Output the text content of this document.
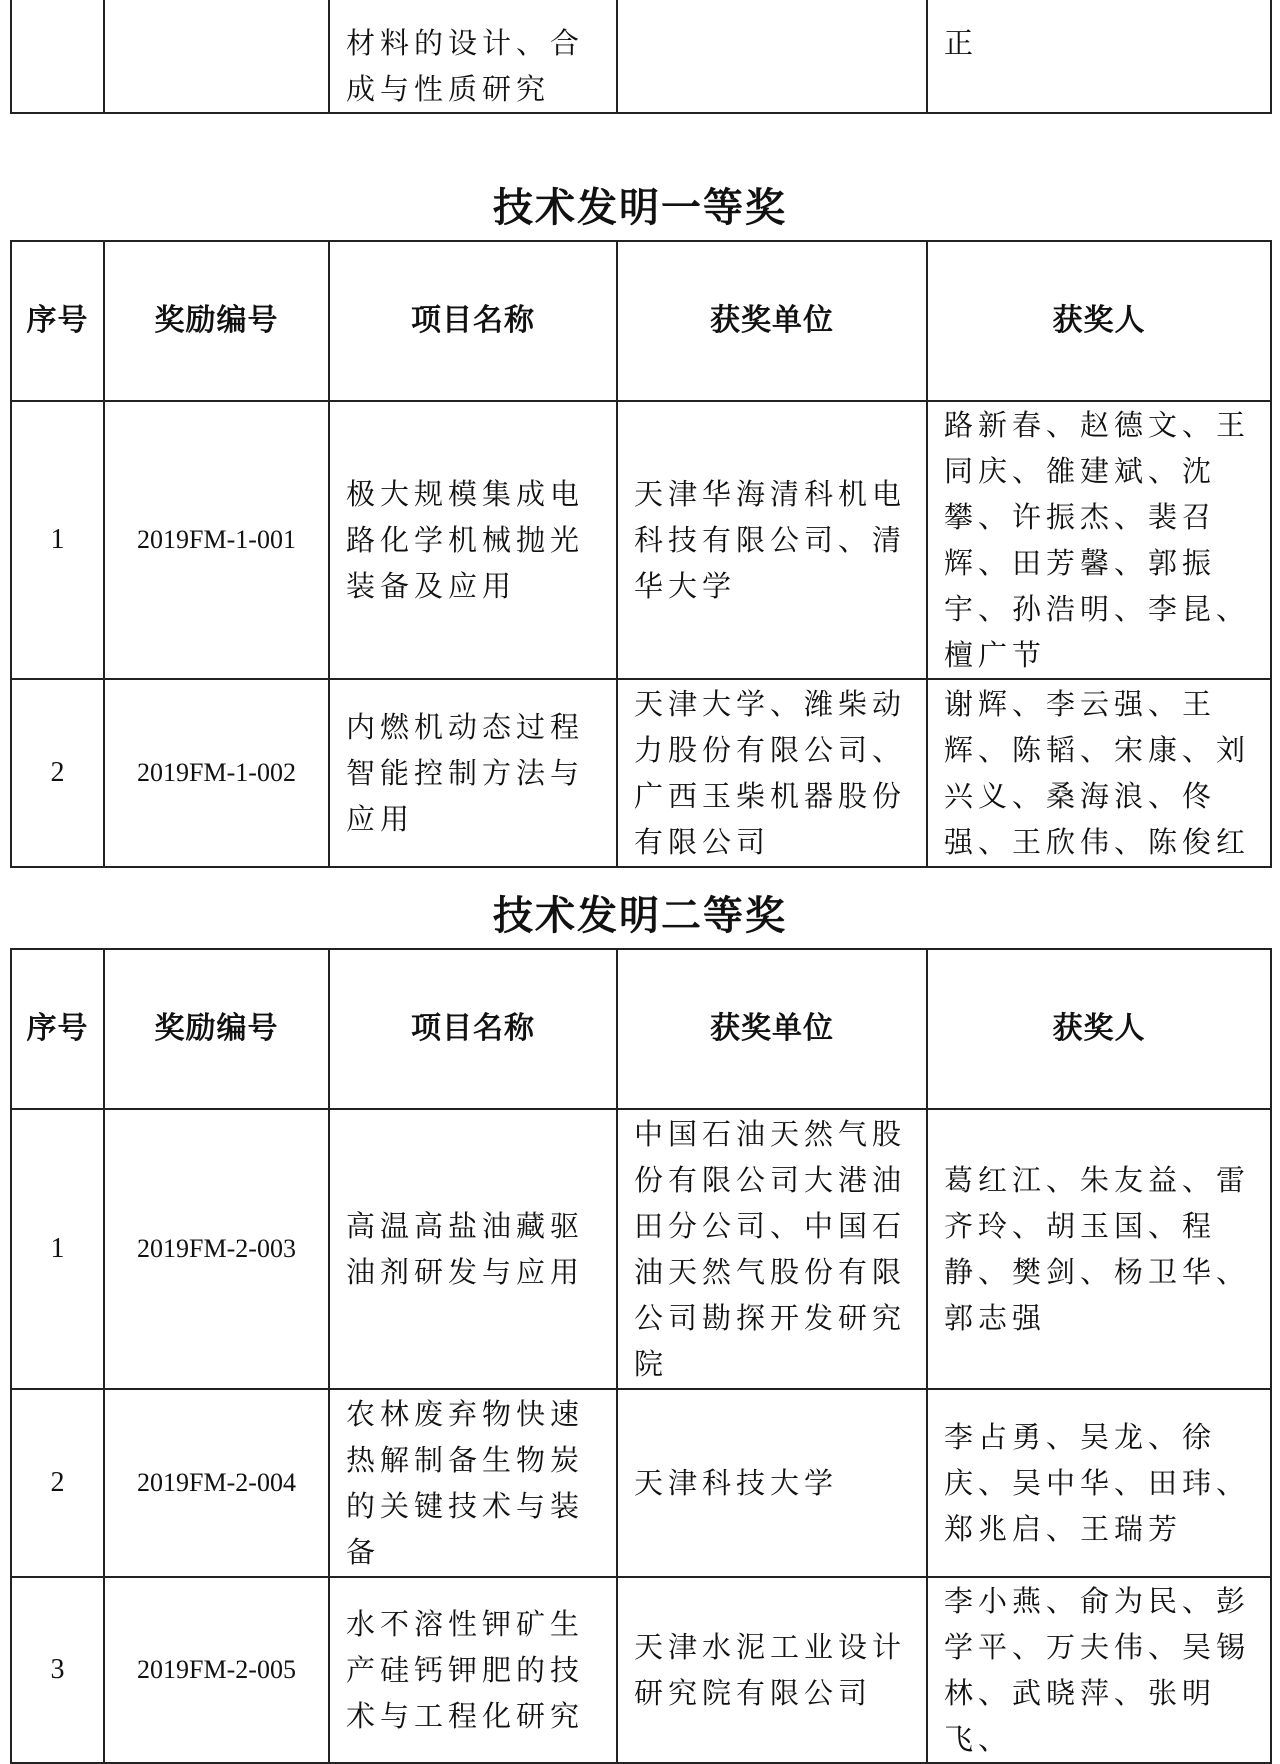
		材料的设计、合成与性质研究		正
技术发明一等奖
序号	奖励编号	项目名称	获奖单位	获奖人
1	2019FM-1-001	极大规模集成电路化学机械抛光装备及应用	天津华海清科机电科技有限公司、清华大学	路新春、赵德文、王同庆、雒建斌、沈攀、许振杰、裴召辉、田芳馨、郭振宇、孙浩明、李昆、檀广节
2	2019FM-1-002	内燃机动态过程智能控制方法与应用	天津大学、潍柴动力股份有限公司、广西玉柴机器股份有限公司	谢辉、李云强、王辉、陈韬、宋康、刘兴义、桑海浪、佟强、王欣伟、陈俊红
技术发明二等奖
序号	奖励编号	项目名称	获奖单位	获奖人
1	2019FM-2-003	高温高盐油藏驱油剂研发与应用	中国石油天然气股份有限公司大港油田分公司、中国石油天然气股份有限公司勘探开发研究院	葛红江、朱友益、雷齐玲、胡玉国、程静、樊剑、杨卫华、郭志强
2	2019FM-2-004	农林废弃物快速热解制备生物炭的关键技术与装备	天津科技大学	李占勇、吴龙、徐庆、吴中华、田玮、郑兆启、王瑞芳
3	2019FM-2-005	水不溶性钾矿生产硅钙钾肥的技术与工程化研究	天津水泥工业设计研究院有限公司	李小燕、俞为民、彭学平、万夫伟、吴锡林、武晓萍、张明飞、
